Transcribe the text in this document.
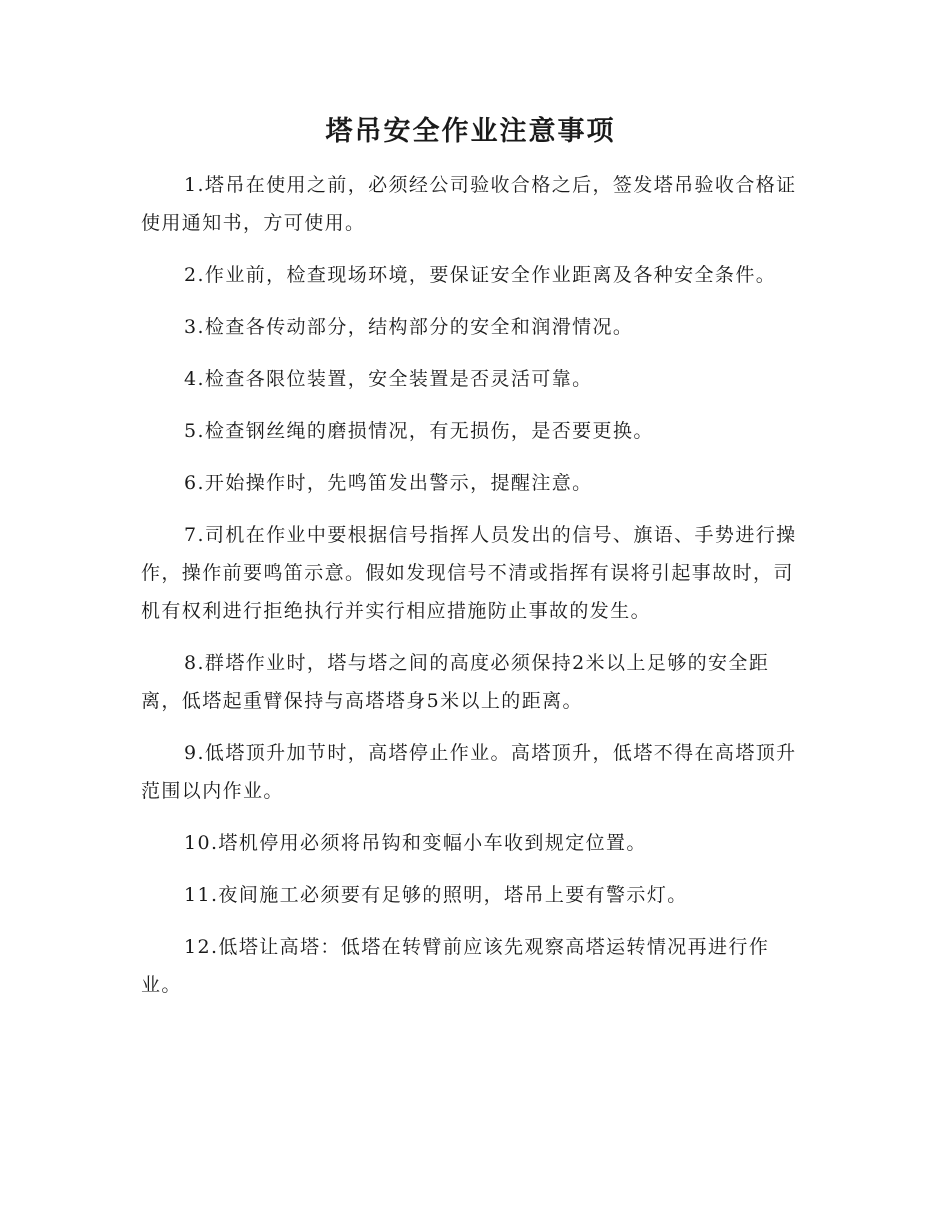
塔吊安全作业注意事项

1.塔吊在使用之前，必须经公司验收合格之后，签发塔吊验收合格证使用通知书，方可使用。

2.作业前，检查现场环境，要保证安全作业距离及各种安全条件。

3.检查各传动部分，结构部分的安全和润滑情况。

4.检查各限位装置，安全装置是否灵活可靠。

5.检查钢丝绳的磨损情况，有无损伤，是否要更换。

6.开始操作时，先鸣笛发出警示，提醒注意。

7.司机在作业中要根据信号指挥人员发出的信号、旗语、手势进行操作，操作前要鸣笛示意。假如发现信号不清或指挥有误将引起事故时，司机有权利进行拒绝执行并实行相应措施防止事故的发生。

8.群塔作业时，塔与塔之间的高度必须保持2米以上足够的安全距离，低塔起重臂保持与高塔塔身5米以上的距离。

9.低塔顶升加节时，高塔停止作业。高塔顶升，低塔不得在高塔顶升范围以内作业。

10.塔机停用必须将吊钩和变幅小车收到规定位置。

11.夜间施工必须要有足够的照明，塔吊上要有警示灯。

12.低塔让高塔：低塔在转臂前应该先观察高塔运转情况再进行作业。
